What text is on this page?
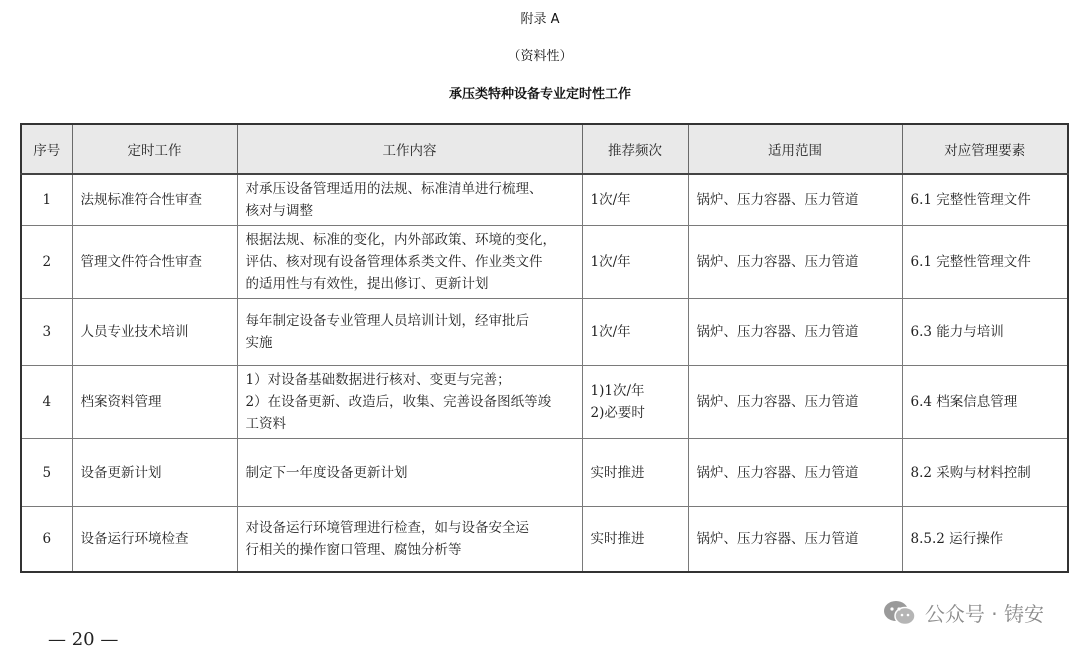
附录 A
（资料性）
承压类特种设备专业定时性工作
序号	定时工作	工作内容	推荐频次	适用范围	对应管理要素
1	法规标准符合性审查	对承压设备管理适用的法规、标准清单进行梳理、
核对与调整	1次/年	锅炉、压力容器、压力管道	6.1 完整性管理文件
2	管理文件符合性审查	根据法规、标准的变化，内外部政策、环境的变化，
评估、核对现有设备管理体系类文件、作业类文件
的适用性与有效性，提出修订、更新计划	1次/年	锅炉、压力容器、压力管道	6.1 完整性管理文件
3	人员专业技术培训	每年制定设备专业管理人员培训计划，经审批后
实施	1次/年	锅炉、压力容器、压力管道	6.3 能力与培训
4	档案资料管理	1）对设备基础数据进行核对、变更与完善；
2）在设备更新、改造后，收集、完善设备图纸等竣
工资料	1)1次/年
2)必要时	锅炉、压力容器、压力管道	6.4 档案信息管理
5	设备更新计划	制定下一年度设备更新计划	实时推进	锅炉、压力容器、压力管道	8.2 采购与材料控制
6	设备运行环境检查	对设备运行环境管理进行检查，如与设备安全运
行相关的操作窗口管理、腐蚀分析等	实时推进	锅炉、压力容器、压力管道	8.5.2 运行操作
公众号 · 铸安
— 20 —
